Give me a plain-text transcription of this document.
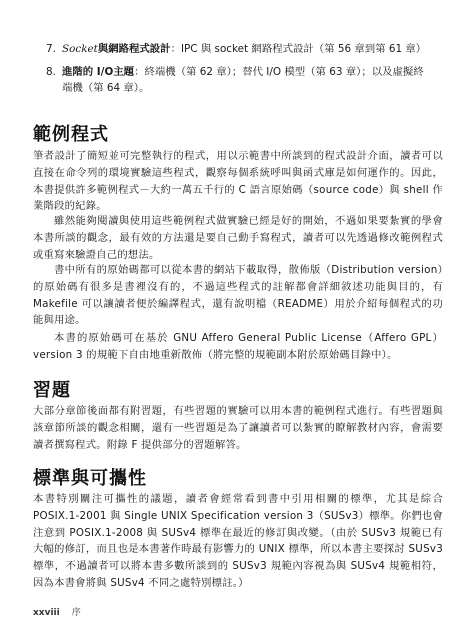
7. Socket與網路程式設計：IPC 與 socket 網路程式設計（第 56 章到第 61 章）
8. 進階的 I/O主題：終端機（第 62 章）；替代 I/O 模型（第 63 章）；以及虛擬終端機（第 64 章）。
範例程式

筆者設計了簡短並可完整執行的程式，用以示範書中所談到的程式設計介面，讀者可以直接在命令列的環境實驗這些程式，觀察每個系統呼叫與函式庫是如何運作的。因此，本書提供許多範例程式－大約一萬五千行的 C 語言原始碼（source code）與 shell 作業階段的紀錄。

雖然能夠閱讀與使用這些範例程式做實驗已經是好的開始，不過如果要紮實的學會本書所談的觀念，最有效的方法還是要自己動手寫程式，讀者可以先透過修改範例程式或重寫來驗證自己的想法。

書中所有的原始碼都可以從本書的網站下載取得，散佈版（Distribution version）的原始碼有很多是書裡沒有的，不過這些程式的註解都會詳細敘述功能與目的，有 Makefile 可以讓讀者便於編譯程式，還有說明檔（README）用於介紹每個程式的功能與用途。

本書的原始碼可在基於 GNU Affero General Public License（Affero GPL）version 3 的規範下自由地重新散佈（將完整的規範副本附於原始碼目錄中）。

習題

大部分章節後面都有附習題，有些習題的實驗可以用本書的範例程式進行。有些習題與該章節所談的觀念相關，還有一些習題是為了讓讀者可以紮實的瞭解教材內容，會需要讀者撰寫程式。附錄 F 提供部分的習題解答。

標準與可攜性

本書特別關注可攜性的議題，讀者會經常看到書中引用相關的標準，尤其是綜合 POSIX.1-2001 與 Single UNIX Specification version 3（SUSv3）標準。你們也會注意到 POSIX.1-2008 與 SUSv4 標準在最近的修訂與改變。（由於 SUSv3 規範已有大幅的修訂，而且也是本書著作時最有影響力的 UNIX 標準，所以本書主要探討 SUSv3 標準，不過讀者可以將本書多數所談到的 SUSv3 規範內容視為與 SUSv4 規範相符，因為本書會將與 SUSv4 不同之處特別標註。）

xxviii 序
